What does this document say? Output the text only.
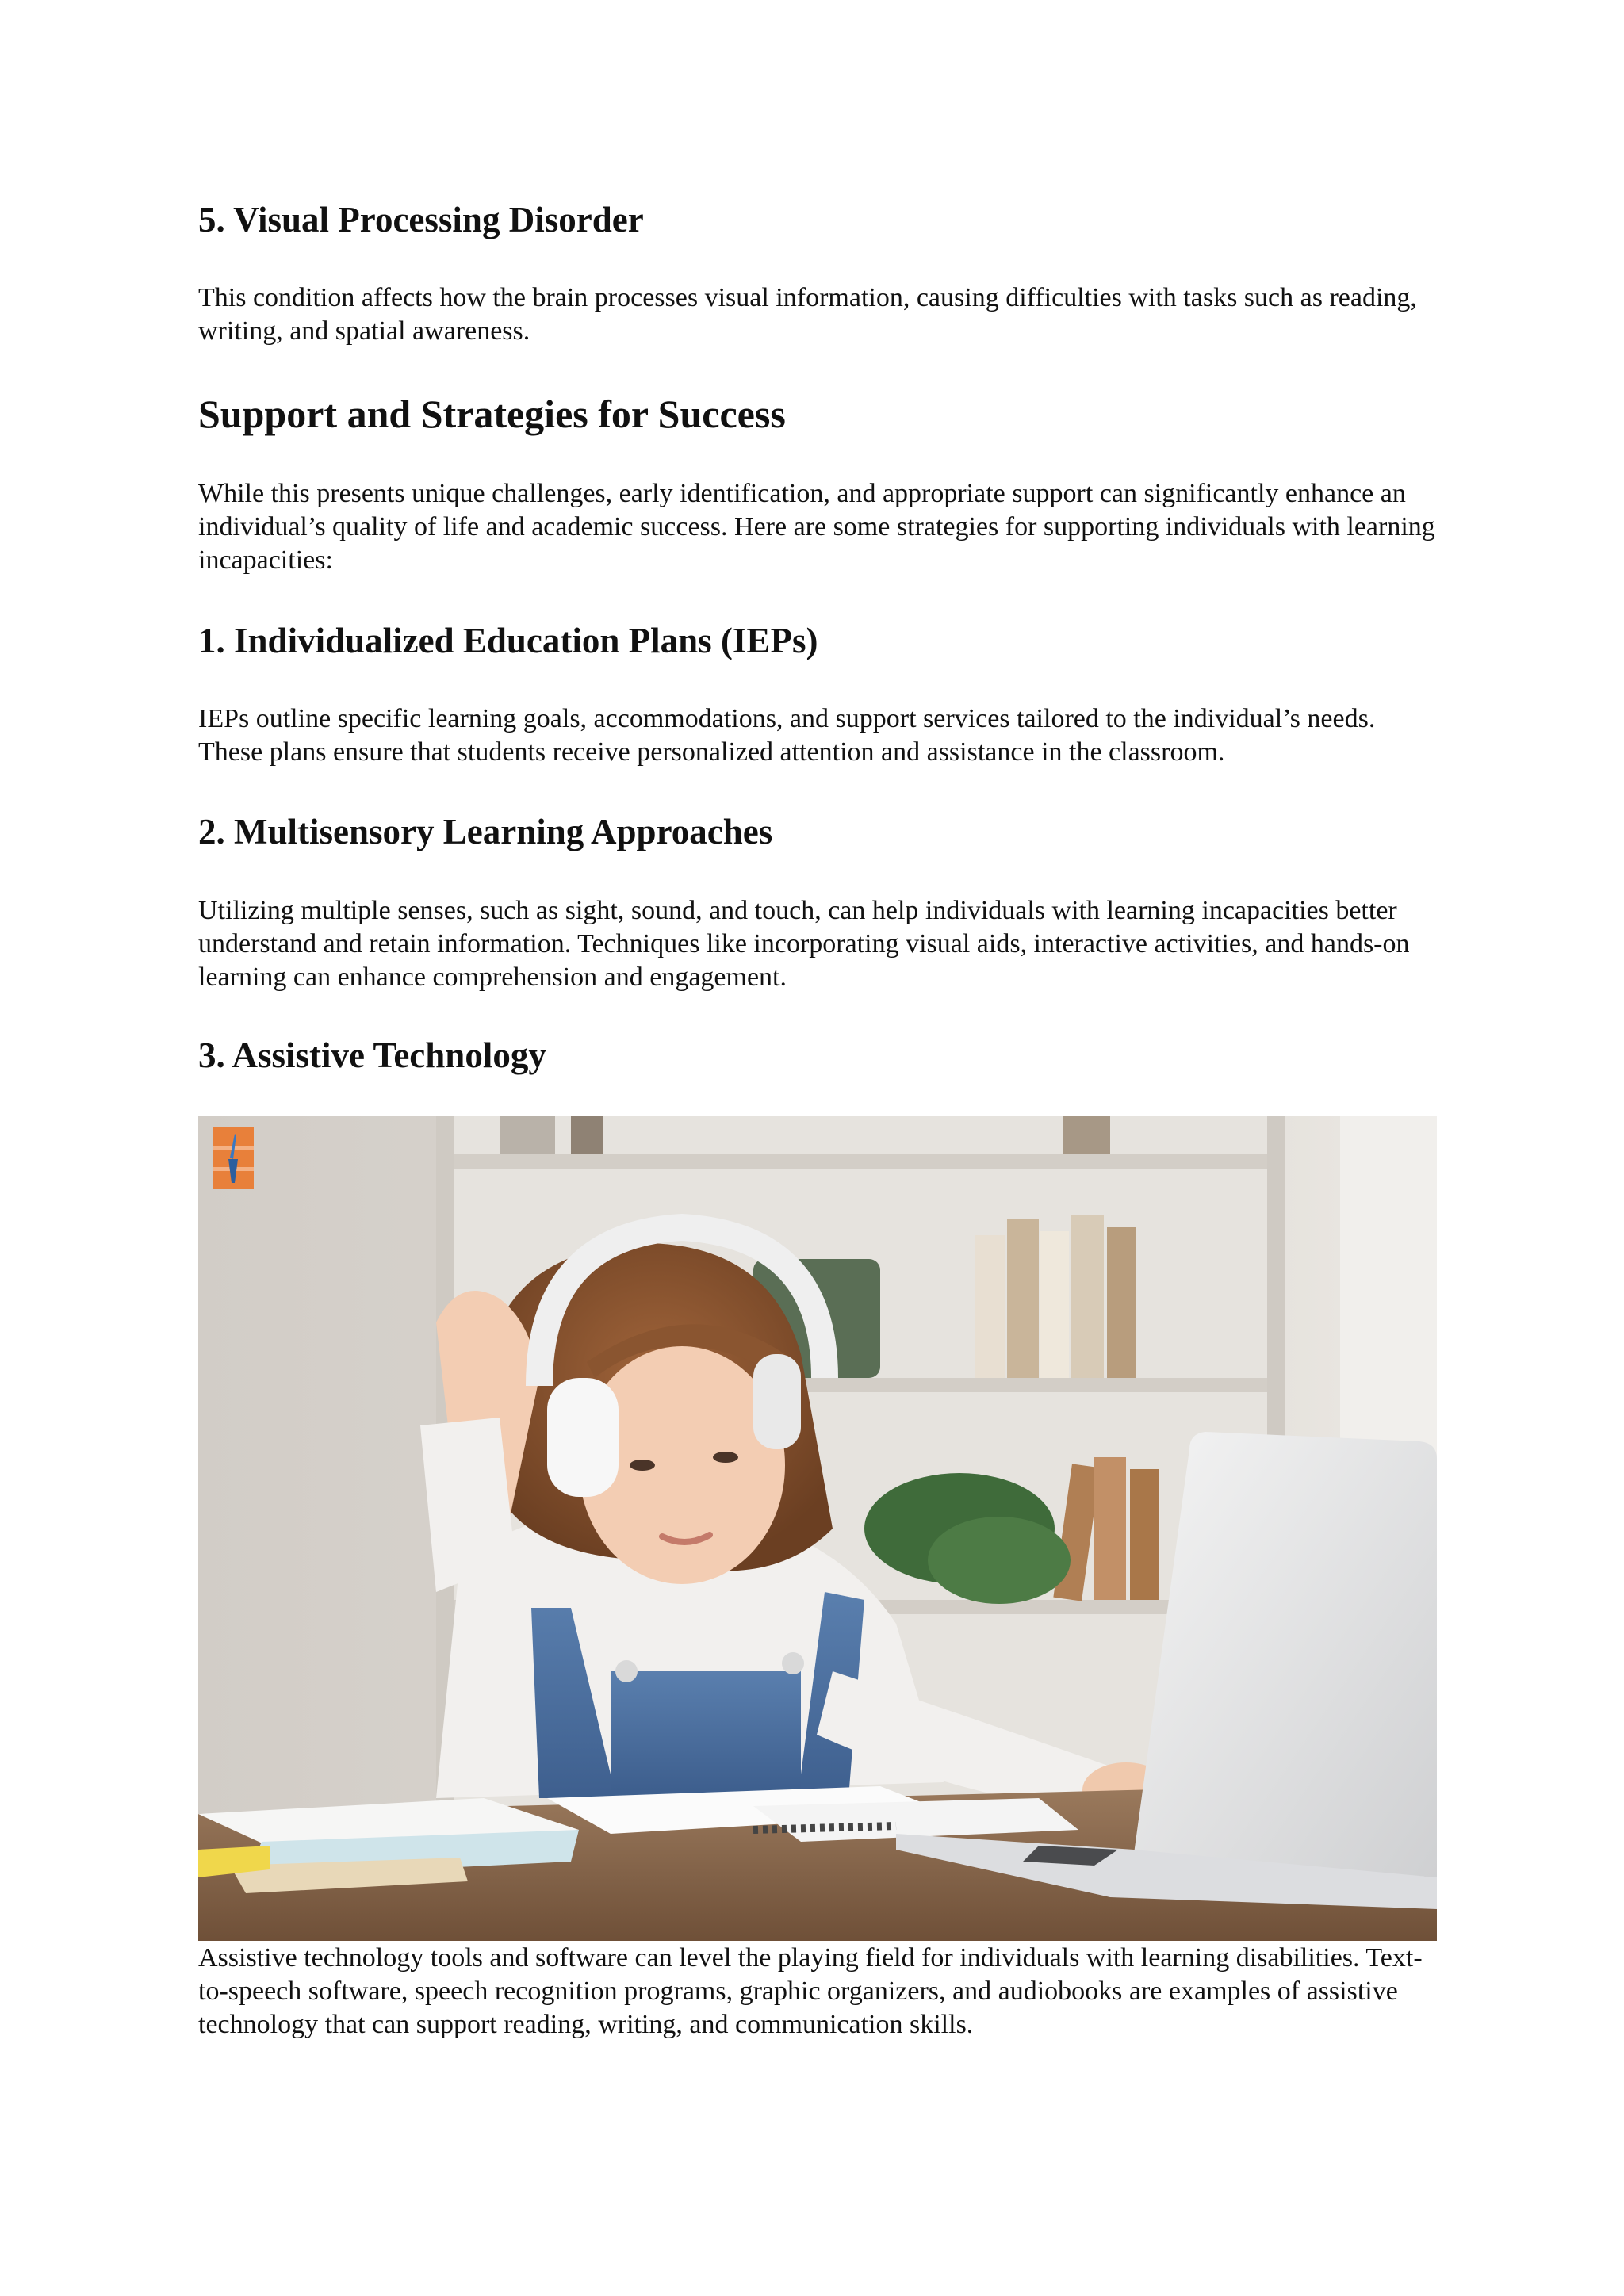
5. Visual Processing Disorder

This condition affects how the brain processes visual information, causing difficulties with tasks such as reading, writing, and spatial awareness.

Support and Strategies for Success

While this presents unique challenges, early identification, and appropriate support can significantly enhance an individual’s quality of life and academic success. Here are some strategies for supporting individuals with learning incapacities:

1. Individualized Education Plans (IEPs)

IEPs outline specific learning goals, accommodations, and support services tailored to the individual’s needs. These plans ensure that students receive personalized attention and assistance in the classroom.

2. Multisensory Learning Approaches

Utilizing multiple senses, such as sight, sound, and touch, can help individuals with learning incapacities better understand and retain information. Techniques like incorporating visual aids, interactive activities, and hands-on learning can enhance comprehension and engagement.

3. Assistive Technology

Assistive technology tools and software can level the playing field for individuals with learning disabilities. Text-to-speech software, speech recognition programs, graphic organizers, and audiobooks are examples of assistive technology that can support reading, writing, and communication skills.
